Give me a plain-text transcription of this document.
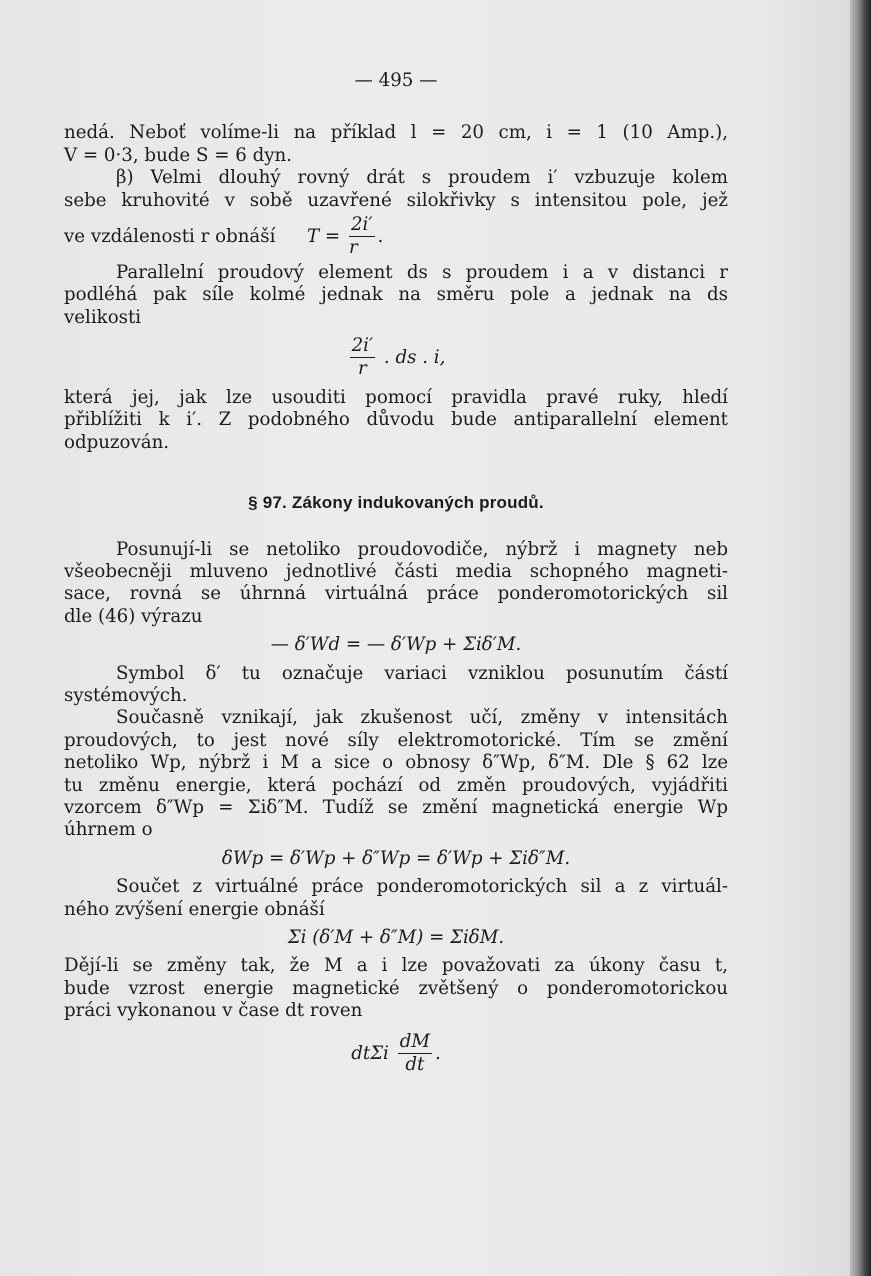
— 495 —
nedá. Neboť volíme-li na příklad l = 20 cm, i = 1 (10 Amp.),
V = 0·3, bude S = 6 dyn.
β) Velmi dlouhý rovný drát s proudem i′ vzbuzuje kolem
sebe kruhovité v sobě uzavřené silokřivky s intensitou pole, jež
ve vzdálenosti r obnáší $T = \frac{2i'}{r}$ .
Parallelní proudový element ds s proudem i a v distanci r
podléhá pak síle kolmé jednak na směru pole a jednak na ds
velikosti
$\frac{2i'}{r}$ . ds . i,
která jej, jak lze usouditi pomocí pravidla pravé ruky, hledí
přiblížiti k i′. Z podobného důvodu bude antiparallelní element
odpuzován.
§ 97. Zákony indukovaných proudů.
Posunují-li se netoliko proudovodiče, nýbrž i magnety neb
všeobecněji mluveno jednotlivé části media schopného magneti-
sace, rovná se úhrnná virtuálná práce ponderomotorických sil
dle (46) výrazu
— δ′Wd = — δ′Wp + Σiδ′M.
Symbol δ′ tu označuje variaci vzniklou posunutím částí
systémových.
Současně vznikají, jak zkušenost učí, změny v intensitách
proudových, to jest nové síly elektromotorické. Tím se změní
netoliko Wp, nýbrž i M a sice o obnosy δ″Wp, δ″M. Dle § 62 lze
tu změnu energie, která pochází od změn proudových, vyjádřiti
vzorcem δ″Wp = Σiδ″M. Tudíž se změní magnetická energie Wp
úhrnem o
δWp = δ′Wp + δ″Wp = δ′Wp + Σiδ″M.
Součet z virtuálné práce ponderomotorických sil a z virtuál-
ného zvýšení energie obnáší
Σi (δ′M + δ″M) = ΣiδM.
Dějí-li se změny tak, že M a i lze považovati za úkony času t,
bude vzrost energie magnetické zvětšený o ponderomotorickou
práci vykonanou v čase dt roven
dtΣi $\frac{dM}{dt}$ .
